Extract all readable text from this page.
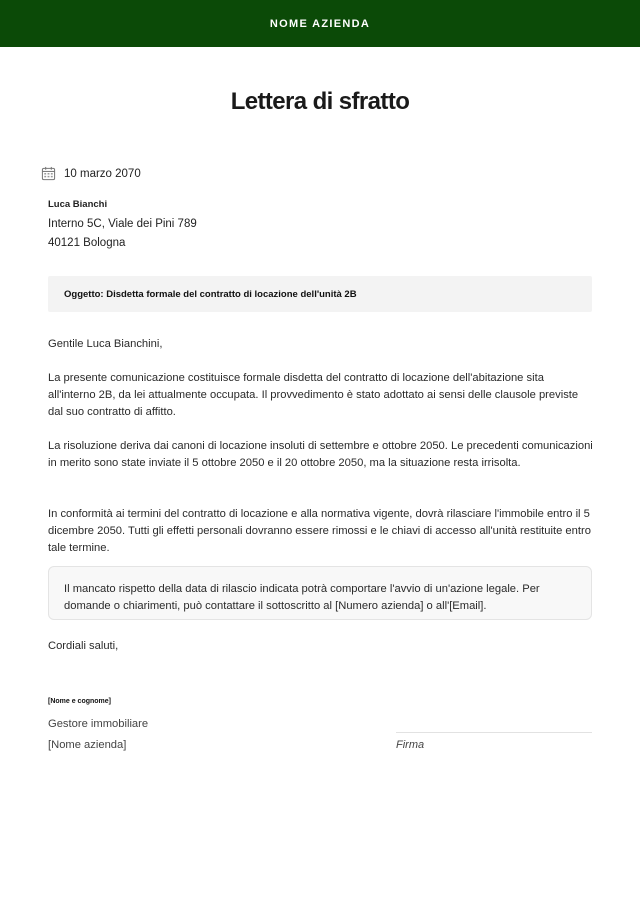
NOME AZIENDA
Lettera di sfratto
10 marzo 2070
Luca Bianchi
Interno 5C, Viale dei Pini 789
40121 Bologna
Oggetto: Disdetta formale del contratto di locazione dell'unità 2B
Gentile Luca Bianchini,
La presente comunicazione costituisce formale disdetta del contratto di locazione dell'abitazione sita all'interno 2B, da lei attualmente occupata. Il provvedimento è stato adottato ai sensi delle clausole previste dal suo contratto di affitto.
La risoluzione deriva dai canoni di locazione insoluti di settembre e ottobre 2050. Le precedenti comunicazioni in merito sono state inviate il 5 ottobre 2050 e il 20 ottobre 2050, ma la situazione resta irrisolta.
In conformità ai termini del contratto di locazione e alla normativa vigente, dovrà rilasciare l'immobile entro il 5 dicembre 2050. Tutti gli effetti personali dovranno essere rimossi e le chiavi di accesso all'unità restituite entro tale termine.

Il mancato rispetto della data di rilascio indicata potrà comportare l'avvio di un'azione legale. Per domande o chiarimenti, può contattare il sottoscritto al [Numero azienda] o all'[Email].

Cordiali saluti,
[Nome e cognome]
Gestore immobiliare
[Nome azienda]	Firma
